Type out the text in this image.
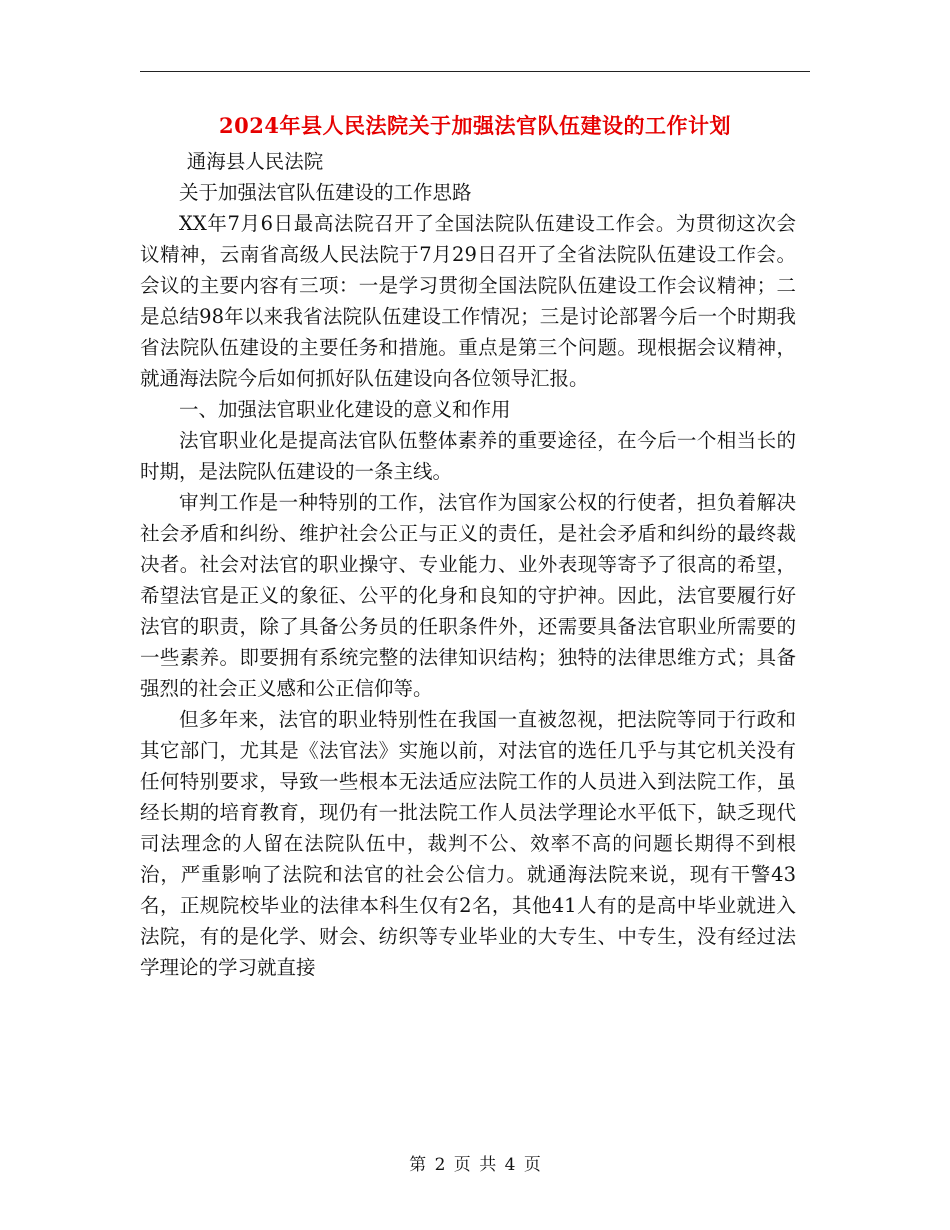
2024年县人民法院关于加强法官队伍建设的工作计划

通海县人民法院

关于加强法官队伍建设的工作思路

XX年7月6日最高法院召开了全国法院队伍建设工作会。为贯彻这次会议精神，云南省高级人民法院于7月29日召开了全省法院队伍建设工作会。会议的主要内容有三项：一是学习贯彻全国法院队伍建设工作会议精神；二是总结98年以来我省法院队伍建设工作情况；三是讨论部署今后一个时期我省法院队伍建设的主要任务和措施。重点是第三个问题。现根据会议精神，就通海法院今后如何抓好队伍建设向各位领导汇报。

一、加强法官职业化建设的意义和作用

法官职业化是提高法官队伍整体素养的重要途径，在今后一个相当长的时期，是法院队伍建设的一条主线。

审判工作是一种特别的工作，法官作为国家公权的行使者，担负着解决社会矛盾和纠纷、维护社会公正与正义的责任，是社会矛盾和纠纷的最终裁决者。社会对法官的职业操守、专业能力、业外表现等寄予了很高的希望，希望法官是正义的象征、公平的化身和良知的守护神。因此，法官要履行好法官的职责，除了具备公务员的任职条件外，还需要具备法官职业所需要的一些素养。即要拥有系统完整的法律知识结构；独特的法律思维方式；具备强烈的社会正义感和公正信仰等。

但多年来，法官的职业特别性在我国一直被忽视，把法院等同于行政和其它部门，尤其是《法官法》实施以前，对法官的选任几乎与其它机关没有任何特别要求，导致一些根本无法适应法院工作的人员进入到法院工作，虽经长期的培育教育，现仍有一批法院工作人员法学理论水平低下，缺乏现代司法理念的人留在法院队伍中，裁判不公、效率不高的问题长期得不到根治，严重影响了法院和法官的社会公信力。就通海法院来说，现有干警43名，正规院校毕业的法律本科生仅有2名，其他41人有的是高中毕业就进入法院，有的是化学、财会、纺织等专业毕业的大专生、中专生，没有经过法学理论的学习就直接

第 2 页 共 4 页
